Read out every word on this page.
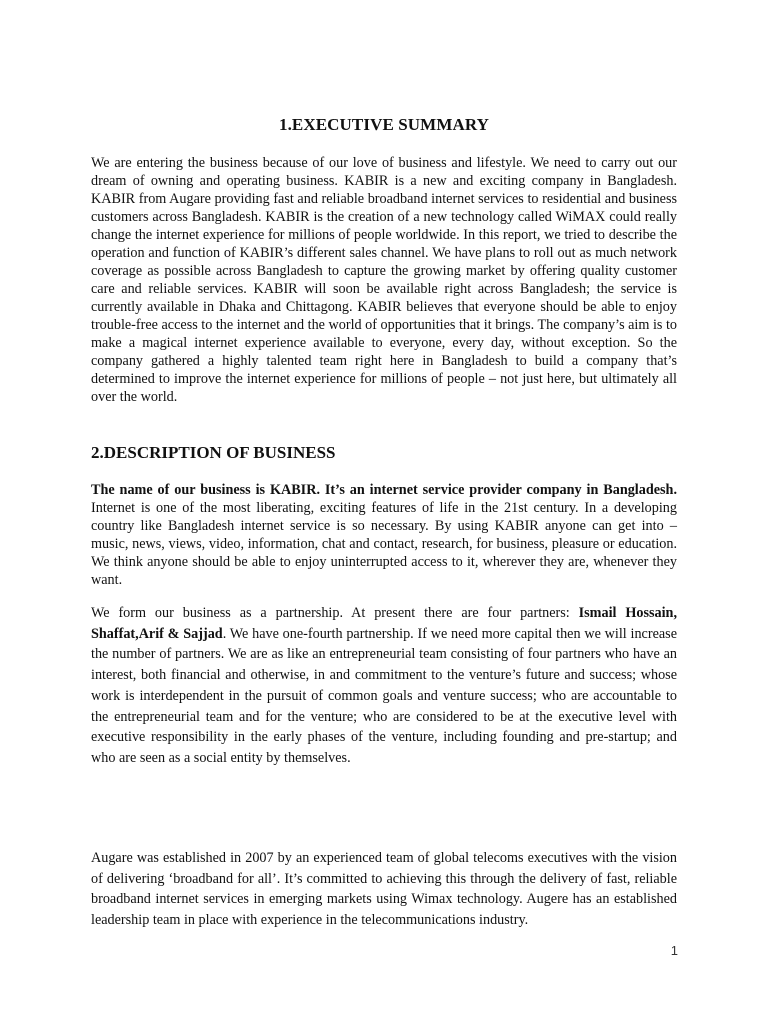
1.EXECUTIVE SUMMARY

We are entering the business because of our love of business and lifestyle. We need to carry out our dream of owning and operating business. KABIR is a new and exciting company in Bangladesh. KABIR from Augare providing fast and reliable broadband internet services to residential and business customers across Bangladesh. KABIR is the creation of a new technology called WiMAX could really change the internet experience for millions of people worldwide. In this report, we tried to describe the operation and function of KABIR’s different sales channel. We have plans to roll out as much network coverage as possible across Bangladesh to capture the growing market by offering quality customer care and reliable services. KABIR will soon be available right across Bangladesh; the service is currently available in Dhaka and Chittagong. KABIR believes that everyone should be able to enjoy trouble-free access to the internet and the world of opportunities that it brings. The company’s aim is to make a magical internet experience available to everyone, every day, without exception. So the company gathered a highly talented team right here in Bangladesh to build a company that’s determined to improve the internet experience for millions of people – not just here, but ultimately all over the world.

2.DESCRIPTION OF BUSINESS

The name of our business is KABIR. It’s an internet service provider company in Bangladesh. Internet is one of the most liberating, exciting features of life in the 21st century. In a developing country like Bangladesh internet service is so necessary. By using KABIR anyone can get into – music, news, views, video, information, chat and contact, research, for business, pleasure or education. We think anyone should be able to enjoy uninterrupted access to it, wherever they are, whenever they want.

We form our business as a partnership. At present there are four partners: Ismail Hossain, Shaffat,Arif & Sajjad. We have one-fourth partnership. If we need more capital then we will increase the number of partners. We are as like an entrepreneurial team consisting of four partners who have an interest, both financial and otherwise, in and commitment to the venture’s future and success; whose work is interdependent in the pursuit of common goals and venture success; who are accountable to the entrepreneurial team and for the venture; who are considered to be at the executive level with executive responsibility in the early phases of the venture, including founding and pre-startup; and who are seen as a social entity by themselves.

Augare was established in 2007 by an experienced team of global telecoms executives with the vision of delivering ‘broadband for all’. It’s committed to achieving this through the delivery of fast, reliable broadband internet services in emerging markets using Wimax technology. Augere has an established leadership team in place with experience in the telecommunications industry.

1
